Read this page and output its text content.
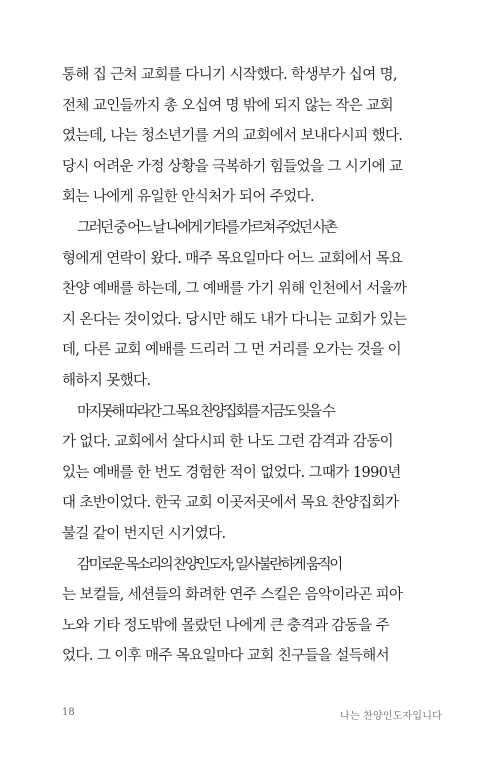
통해 집 근처 교회를 다니기 시작했다. 학생부가 십여 명,
전체 교인들까지 총 오십여 명 밖에 되지 않는 작은 교회
였는데, 나는 청소년기를 거의 교회에서 보내다시피 했다.
당시 어려운 가정 상황을 극복하기 힘들었을 그 시기에 교
회는 나에게 유일한 안식처가 되어 주었다.

그러던 중 어느 날 나에게 기타를 가르쳐 주었던 사촌
형에게 연락이 왔다. 매주 목요일마다 어느 교회에서 목요
찬양 예배를 하는데, 그 예배를 가기 위해 인천에서 서울까
지 온다는 것이었다. 당시만 해도 내가 다니는 교회가 있는
데, 다른 교회 예배를 드리러 그 먼 거리를 오가는 것을 이
해하지 못했다.

마지못해 따라간 그 목요 찬양집회를 지금도 잊을 수
가 없다. 교회에서 살다시피 한 나도 그런 감격과 감동이
있는 예배를 한 번도 경험한 적이 없었다. 그때가 1990년
대 초반이었다. 한국 교회 이곳저곳에서 목요 찬양집회가
불길 같이 번지던 시기였다.

감미로운 목소리의 찬양인도자, 일사불란하게 움직이
는 보컬들, 세션들의 화려한 연주 스킬은 음악이라곤 피아
노와 기타 정도밖에 몰랐던 나에게 큰 충격과 감동을 주
었다. 그 이후 매주 목요일마다 교회 친구들을 설득해서

18	나는 찬양인도자입니다
